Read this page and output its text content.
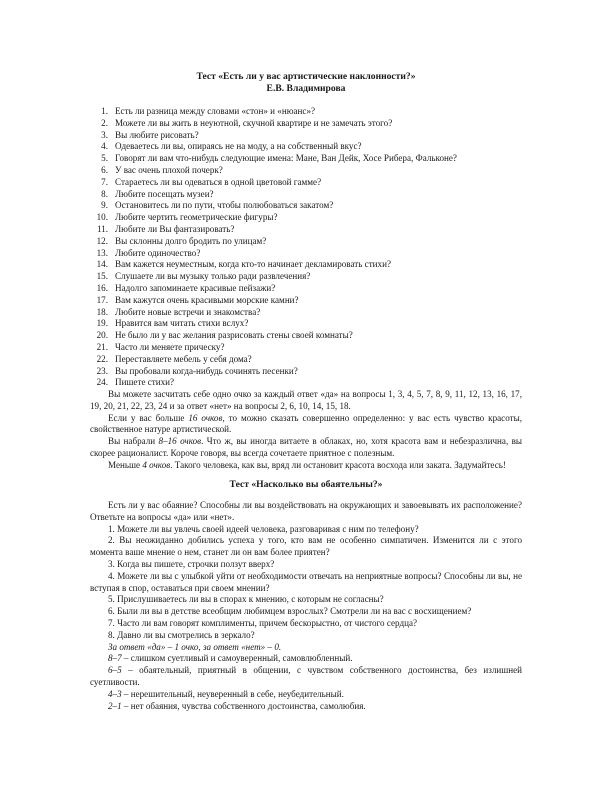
Тест «Есть ли у вас артистические наклонности?»
Е.В. Владимирова
1. Есть ли разница между словами «стон» и «нюанс»?
2. Можете ли вы жить в неуютной, скучной квартире и не замечать этого?
3. Вы любите рисовать?
4. Одеваетесь ли вы, опираясь не на моду, а на собственный вкус?
5. Говорят ли вам что-нибудь следующие имена: Мане, Ван Дейк, Хосе Рибера, Фальконе?
6. У вас очень плохой почерк?
7. Стараетесь ли вы одеваться в одной цветовой гамме?
8. Любите посещать музеи?
9. Остановитесь ли по пути, чтобы полюбоваться закатом?
10. Любите чертить геометрические фигуры?
11. Любите ли Вы фантазировать?
12. Вы склонны долго бродить по улицам?
13. Любите одиночество?
14. Вам кажется неуместным, когда кто-то начинает декламировать стихи?
15. Слушаете ли вы музыку только ради развлечения?
16. Надолго запоминаете красивые пейзажи?
17. Вам кажутся очень красивыми морские камни?
18. Любите новые встречи и знакомства?
19. Нравится вам читать стихи вслух?
20. Не было ли у вас желания разрисовать стены своей комнаты?
21. Часто ли меняете прическу?
22. Переставляете мебель у себя дома?
23. Вы пробовали когда-нибудь сочинять песенки?
24. Пишете стихи?
Вы можете засчитать себе одно очко за каждый ответ «да» на вопросы 1, 3, 4, 5, 7, 8, 9, 11, 12, 13, 16, 17, 19, 20, 21, 22, 23, 24 и за ответ «нет» на вопросы 2, 6, 10, 14, 15, 18.
Если у вас больше 16 очков, то можно сказать совершенно определенно: у вас есть чувство красоты, свойственное натуре артистической.
Вы набрали 8–16 очков. Что ж, вы иногда витаете в облаках, но, хотя красота вам и небезразлична, вы скорее рационалист. Короче говоря, вы всегда сочетаете приятное с полезным.
Меньше 4 очков. Такого человека, как вы, вряд ли остановит красота восхода или заката. Задумайтесь!
Тест «Насколько вы обаятельны?»
Есть ли у вас обаяние? Способны ли вы воздействовать на окружающих и завоевывать их расположение? Ответьте на вопросы «да» или «нет».
1. Можете ли вы увлечь своей идеей человека, разговаривая с ним по телефону?
2. Вы неожиданно добились успеха у того, кто вам не особенно симпатичен. Изменится ли с этого момента ваше мнение о нем, станет ли он вам более приятен?
3. Когда вы пишете, строчки ползут вверх?
4. Можете ли вы с улыбкой уйти от необходимости отвечать на неприятные вопросы? Способны ли вы, не вступая в спор, оставаться при своем мнении?
5. Прислушиваетесь ли вы в спорах к мнению, с которым не согласны?
6. Были ли вы в детстве всеобщим любимцем взрослых? Смотрели ли на вас с восхищением?
7. Часто ли вам говорят комплименты, причем бескорыстно, от чистого сердца?
8. Давно ли вы смотрелись в зеркало?
За ответ «да» – 1 очко, за ответ «нет» – 0.
8–7 – слишком суетливый и самоуверенный, самовлюбленный.
6–5 – обаятельный, приятный в общении, с чувством собственного достоинства, без излишней суетливости.
4–3 – нерешительный, неуверенный в себе, неубедительный.
2–1 – нет обаяния, чувства собственного достоинства, самолюбия.
